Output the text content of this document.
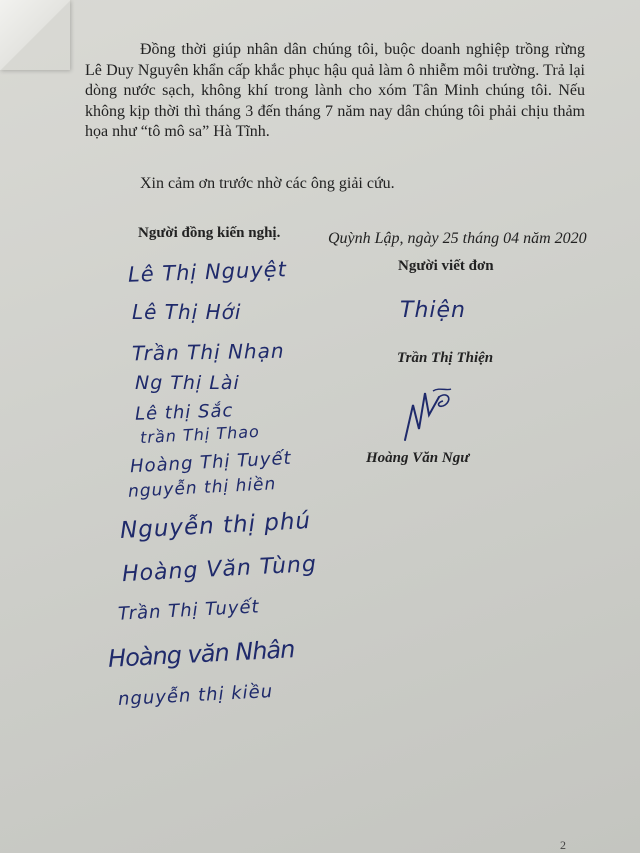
Đồng thời giúp nhân dân chúng tôi, buộc doanh nghiệp trồng rừng Lê Duy Nguyên khẩn cấp khắc phục hậu quả làm ô nhiễm môi trường. Trả lại dòng nước sạch, không khí trong lành cho xóm Tân Minh chúng tôi. Nếu không kịp thời thì tháng 3 đến tháng 7 năm nay dân chúng tôi phải chịu thảm họa như “tô mô sa” Hà Tĩnh.

Xin cảm ơn trước nhờ các ông giải cứu.
Người đồng kiến nghị.	Quỳnh Lập, ngày 25 tháng 04 năm 2020
Người viết đơn
Lê Thị Nguyệt
Lê Thị Hới
Trần Thị Nhạn
Ng Thị Lài
Lê thị Sắc
trần Thị Thao
Hoàng Thị Tuyết
nguyễn thị hiền
Nguyễn thị phú
Hoàng Văn Tùng
Trần Thị Tuyết
Hoàng văn Nhân
nguyễn thị kiều
Thiện
Trần Thị Thiện
Hoàng Văn Ngư
2
